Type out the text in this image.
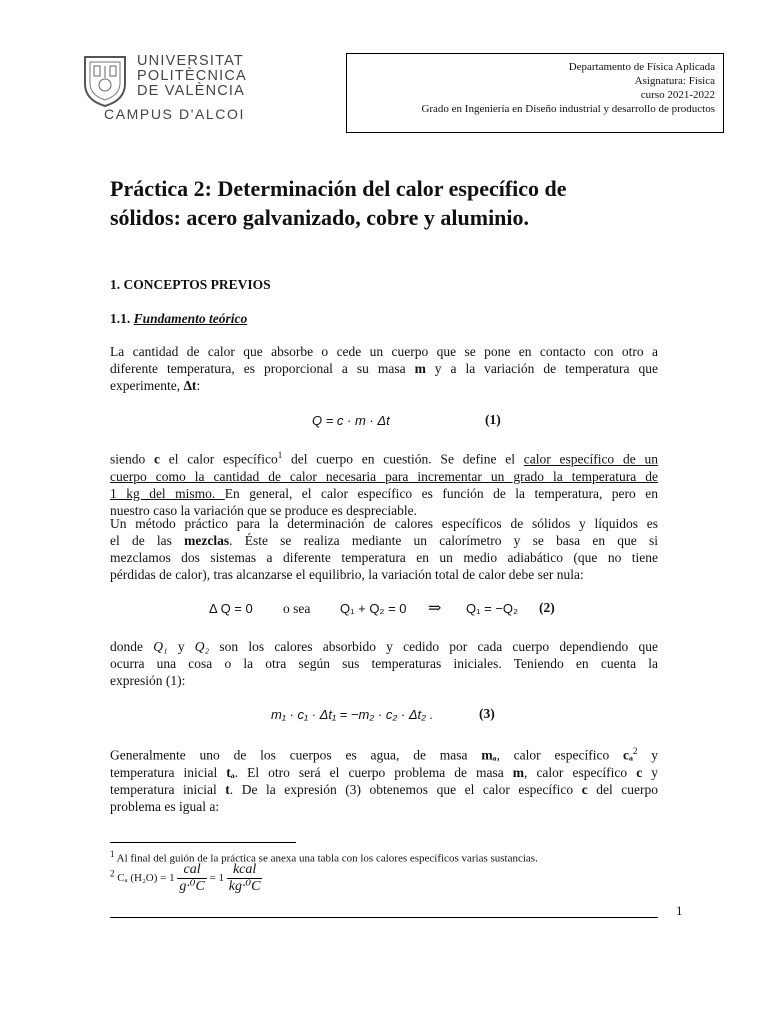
UNIVERSITAT
POLITÈCNICA
DE VALÈNCIA
CAMPUS D'ALCOI
Departamento de Física Aplicada
Asignatura: Física
curso 2021-2022
Grado en Ingeniería en Diseño industrial y desarrollo de productos
Práctica 2: Determinación del calor específico de
sólidos: acero galvanizado, cobre y aluminio.
1. CONCEPTOS PREVIOS
1.1. Fundamento teórico
La cantidad de calor que absorbe o cede un cuerpo que se pone en contacto con otro a
diferente temperatura, es proporcional a su masa m y a la variación de temperatura que
experimente, Δt:
Q = c · m · Δt	(1)
siendo c el calor específico$^1$ del cuerpo en cuestión. Se define el calor específico de un
cuerpo como la cantidad de calor necesaria para incrementar un grado la temperatura de
1 kg del mismo. En general, el calor específico es función de la temperatura, pero en
nuestro caso la variación que se produce es despreciable.
Un método práctico para la determinación de calores específicos de sólidos y líquidos es
el de las mezclas. Éste se realiza mediante un calorímetro y se basa en que si
mezclamos dos sistemas a diferente temperatura en un medio adiabático (que no tiene
pérdidas de calor), tras alcanzarse el equilibrio, la variación total de calor debe ser nula:
Δ Q = 0 o sea Q₁ + Q₂ = 0 ⇒ Q₁ = −Q₂ (2)
donde Q₁ y Q₂ son los calores absorbido y cedido por cada cuerpo dependiendo que
ocurra una cosa o la otra según sus temperaturas iniciales. Teniendo en cuenta la
expresión (1):
m₁ · c₁ · Δt₁ = −m₂ · c₂ · Δt₂ .	(3)
Generalmente uno de los cuerpos es agua, de masa mₐ, calor específico cₐ$^2$ y
temperatura inicial tₐ. El otro será el cuerpo problema de masa m, calor específico c y
temperatura inicial t. De la expresión (3) obtenemos que el calor específico c del cuerpo
problema es igual a:
$^1$ Al final del guión de la práctica se anexa una tabla con los calores específicos varias sustancias.
$^2$ Cₐ $(H_2O) = 1 \frac{\text{cal}}{\text{g·⁰C}} = 1 \frac{\text{kcal}}{\text{kg·⁰C}}$
1
